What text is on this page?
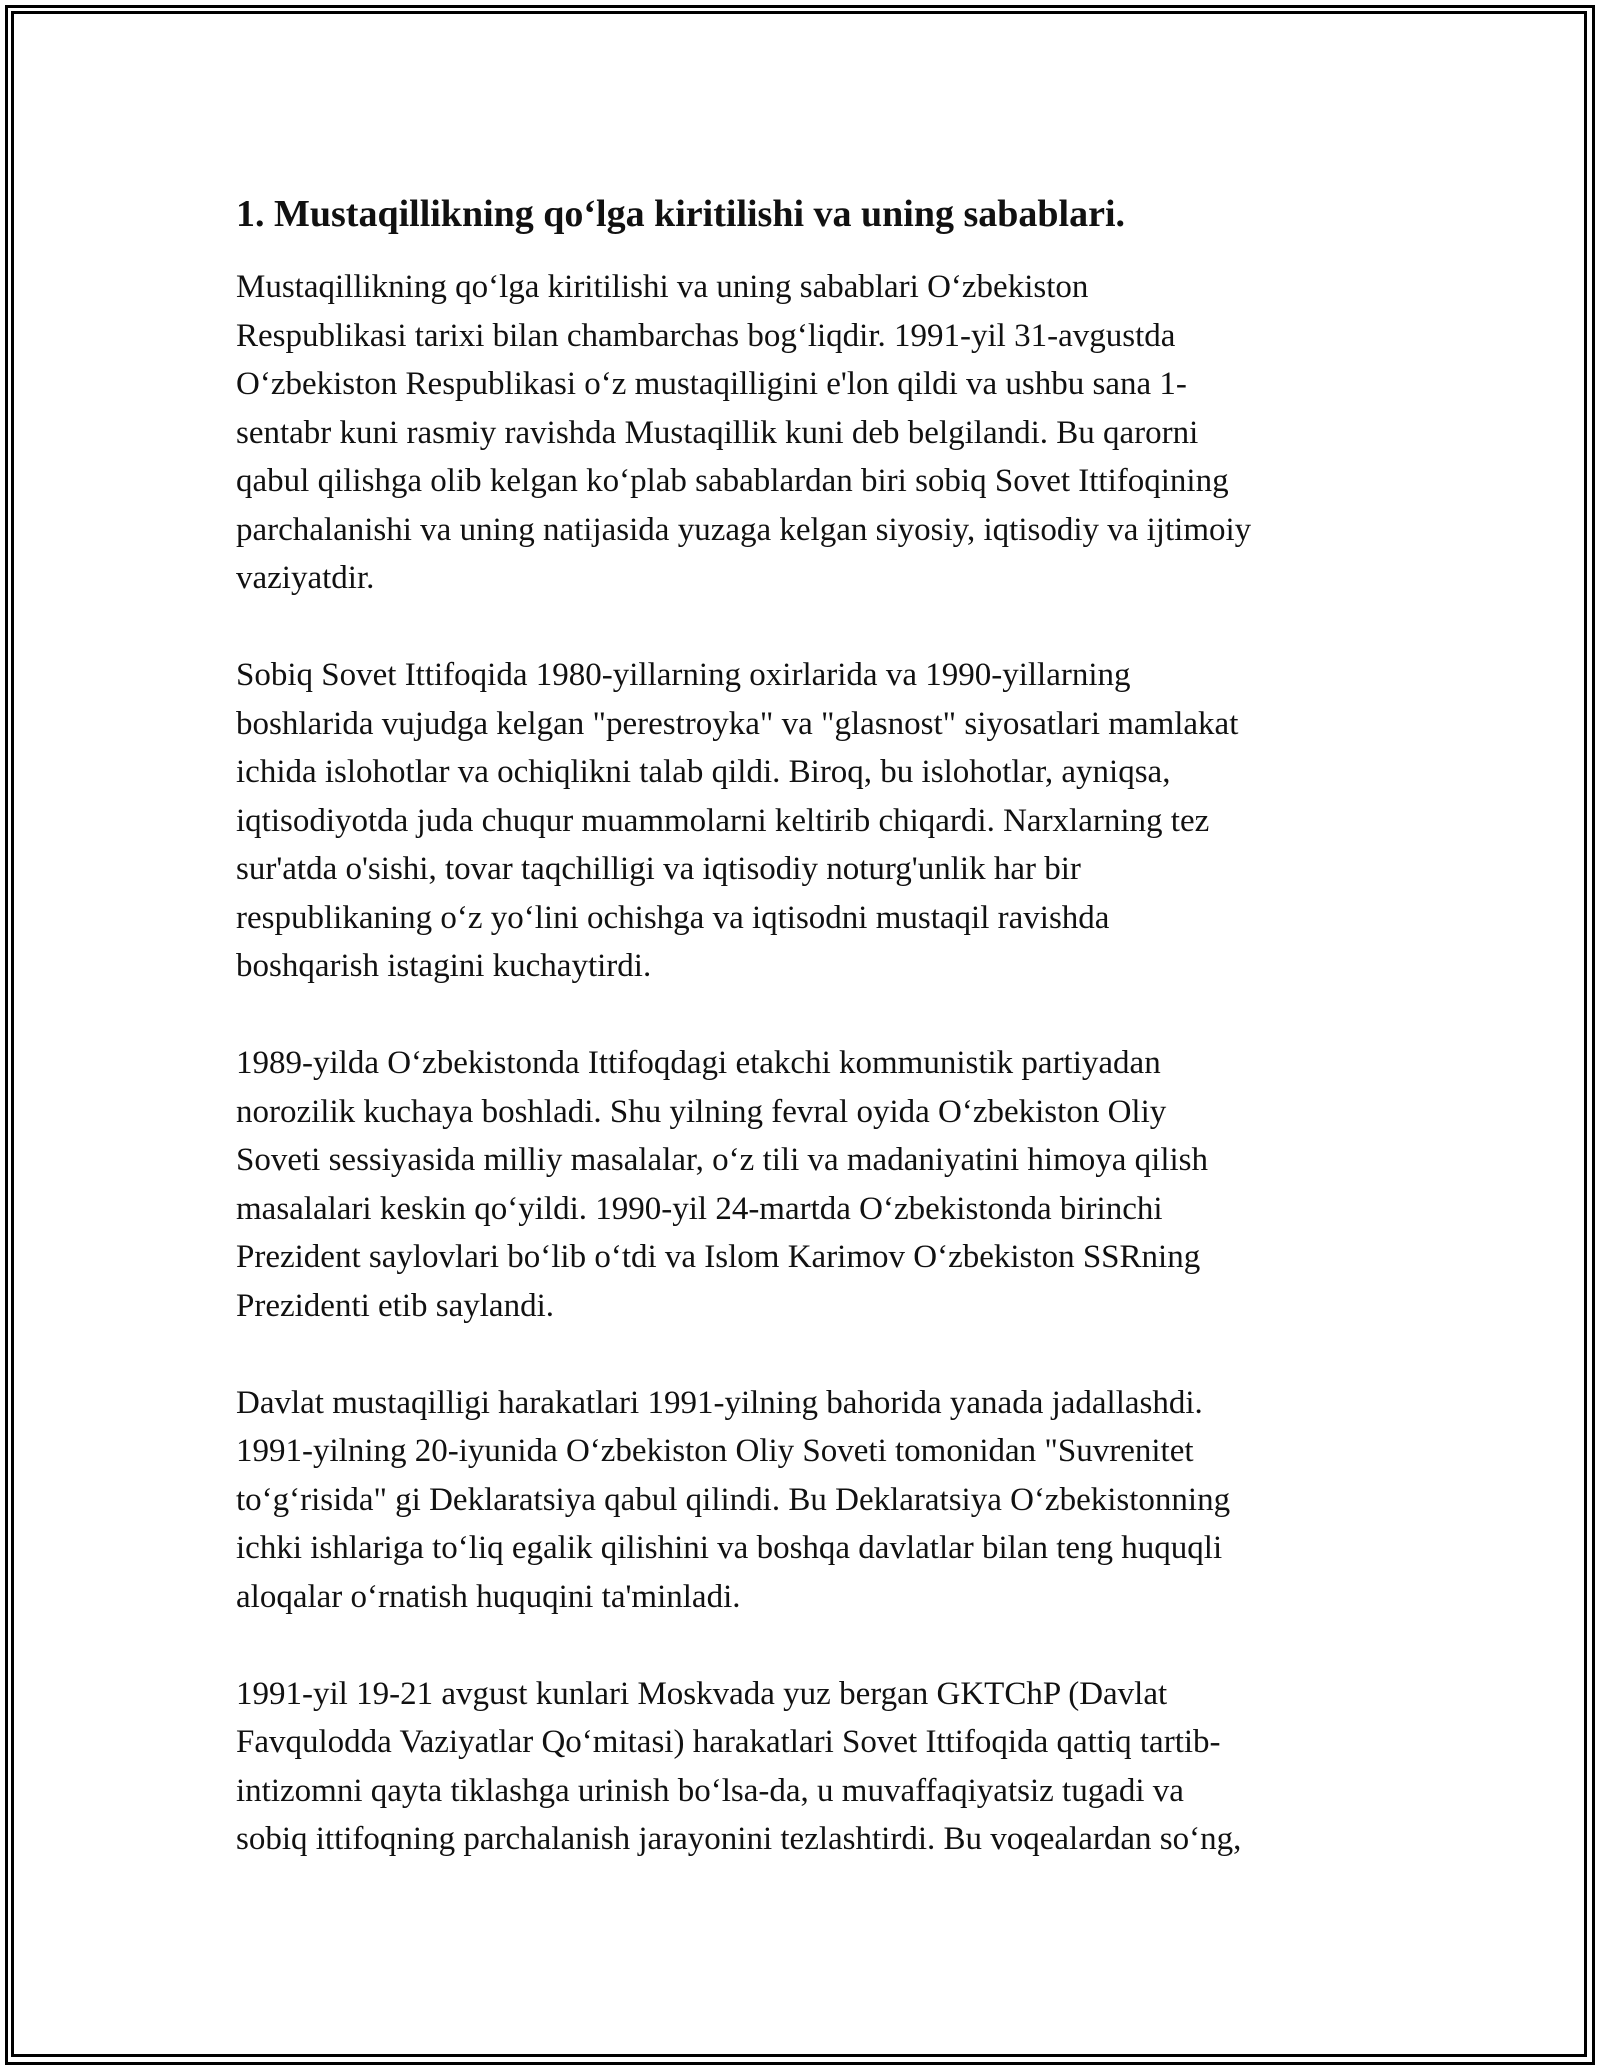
1. Mustaqillikning qo‘lga kiritilishi va uning sabablari.

Mustaqillikning qo‘lga kiritilishi va uning sabablari O‘zbekiston
Respublikasi tarixi bilan chambarchas bog‘liqdir. 1991-yil 31-avgustda
O‘zbekiston Respublikasi o‘z mustaqilligini e'lon qildi va ushbu sana 1-
sentabr kuni rasmiy ravishda Mustaqillik kuni deb belgilandi. Bu qarorni
qabul qilishga olib kelgan ko‘plab sabablardan biri sobiq Sovet Ittifoqining
parchalanishi va uning natijasida yuzaga kelgan siyosiy, iqtisodiy va ijtimoiy
vaziyatdir.

Sobiq Sovet Ittifoqida 1980-yillarning oxirlarida va 1990-yillarning
boshlarida vujudga kelgan "perestroyka" va "glasnost" siyosatlari mamlakat
ichida islohotlar va ochiqlikni talab qildi. Biroq, bu islohotlar, ayniqsa,
iqtisodiyotda juda chuqur muammolarni keltirib chiqardi. Narxlarning tez
sur'atda o'sishi, tovar taqchilligi va iqtisodiy noturg'unlik har bir
respublikaning o‘z yo‘lini ochishga va iqtisodni mustaqil ravishda
boshqarish istagini kuchaytirdi.

1989-yilda O‘zbekistonda Ittifoqdagi etakchi kommunistik partiyadan
norozilik kuchaya boshladi. Shu yilning fevral oyida O‘zbekiston Oliy
Soveti sessiyasida milliy masalalar, o‘z tili va madaniyatini himoya qilish
masalalari keskin qo‘yildi. 1990-yil 24-martda O‘zbekistonda birinchi
Prezident saylovlari bo‘lib o‘tdi va Islom Karimov O‘zbekiston SSRning
Prezidenti etib saylandi.

Davlat mustaqilligi harakatlari 1991-yilning bahorida yanada jadallashdi.
1991-yilning 20-iyunida O‘zbekiston Oliy Soveti tomonidan "Suvrenitet
to‘g‘risida" gi Deklaratsiya qabul qilindi. Bu Deklaratsiya O‘zbekistonning
ichki ishlariga to‘liq egalik qilishini va boshqa davlatlar bilan teng huquqli
aloqalar o‘rnatish huquqini ta'minladi.

1991-yil 19-21 avgust kunlari Moskvada yuz bergan GKTChP (Davlat
Favqulodda Vaziyatlar Qo‘mitasi) harakatlari Sovet Ittifoqida qattiq tartib-
intizomni qayta tiklashga urinish bo‘lsa-da, u muvaffaqiyatsiz tugadi va
sobiq ittifoqning parchalanish jarayonini tezlashtirdi. Bu voqealardan so‘ng,
